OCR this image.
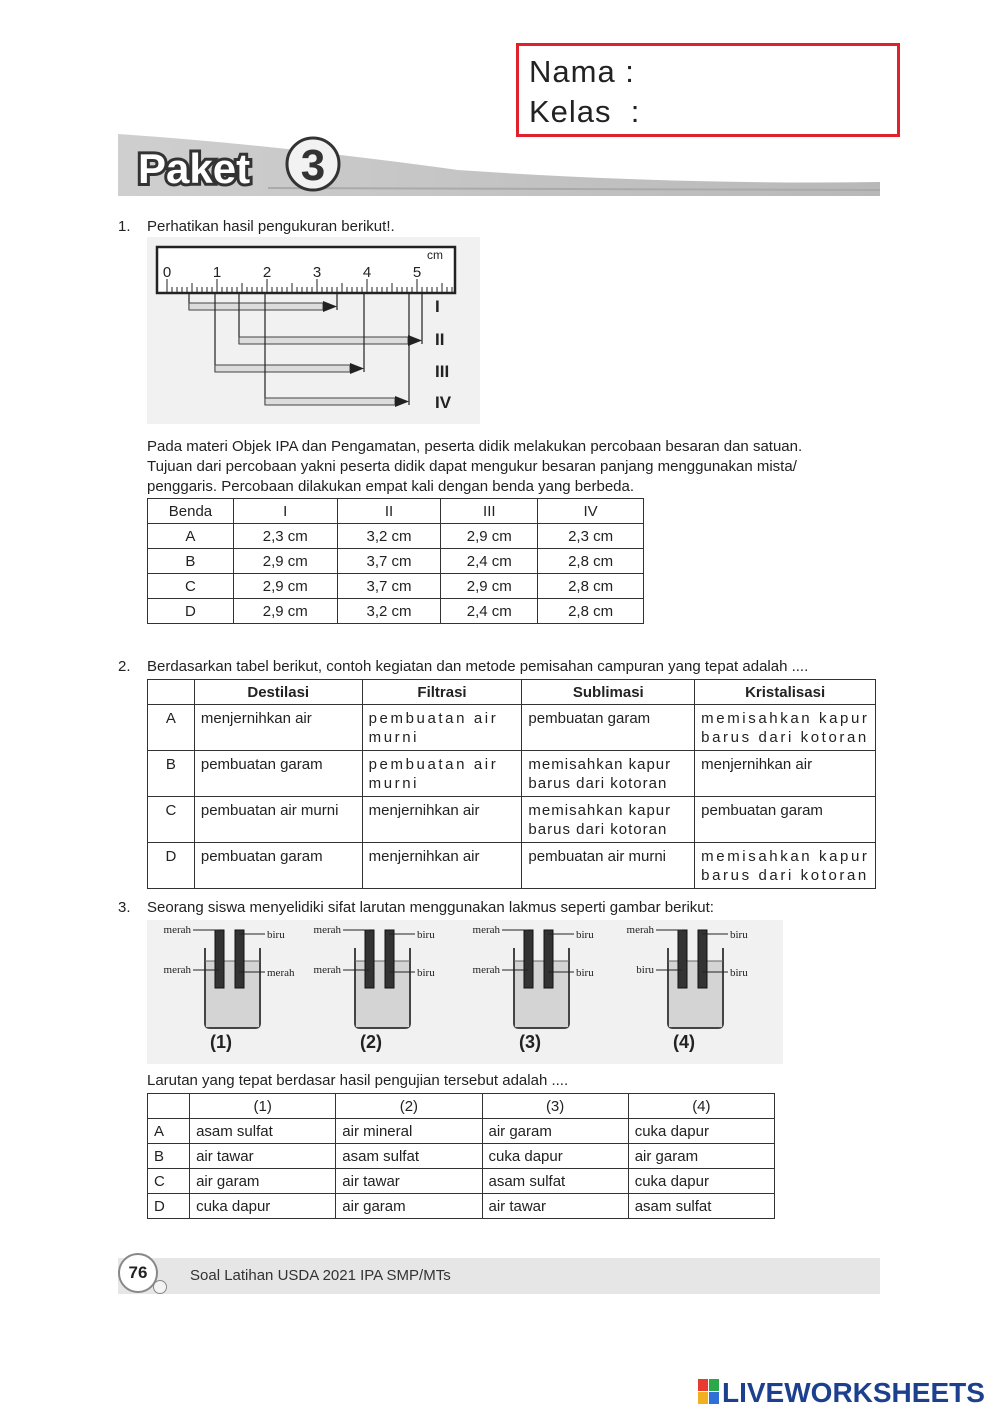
Nama :
Kelas  :
Paket 3
1. Perhatikan hasil pengukuran berikut!.
cm
0	1	2	3	4	5
I
II
III
IV
Pada materi Objek IPA dan Pengamatan, peserta didik melakukan percobaan besaran dan satuan.
Tujuan dari percobaan yakni peserta didik dapat mengukur besaran panjang menggunakan mista/
penggaris. Percobaan dilakukan empat kali dengan benda yang berbeda.
Benda	I	II	III	IV
A	2,3 cm	3,2 cm	2,9 cm	2,3 cm
B	2,9 cm	3,7 cm	2,4 cm	2,8 cm
C	2,9 cm	3,7 cm	2,9 cm	2,8 cm
D	2,9 cm	3,2 cm	2,4 cm	2,8 cm
2. Berdasarkan tabel berikut, contoh kegiatan dan metode pemisahan campuran yang tepat adalah ....
	Destilasi	Filtrasi	Sublimasi	Kristalisasi
A	menjernihkan air	pembuatan air murni	pembuatan garam	memisahkan kapur barus dari kotoran
B	pembuatan garam	pembuatan air murni	memisahkan kapur barus dari kotoran	menjernihkan air
C	pembuatan air murni	menjernihkan air	memisahkan kapur barus dari kotoran	pembuatan garam
D	pembuatan garam	menjernihkan air	pembuatan air murni	memisahkan kapur barus dari kotoran
3. Seorang siswa menyelidiki sifat larutan menggunakan lakmus seperti gambar berikut:
merah	biru
merah	merah
(1)
merah	biru
merah	biru
(2)
merah	biru
merah	biru
(3)
merah	biru
biru	biru
(4)
Larutan yang tepat berdasar hasil pengujian tersebut adalah ....
	(1)	(2)	(3)	(4)
A	asam sulfat	air mineral	air garam	cuka dapur
B	air tawar	asam sulfat	cuka dapur	air garam
C	air garam	air tawar	asam sulfat	cuka dapur
D	cuka dapur	air garam	air tawar	asam sulfat
76	Soal Latihan USDA 2021 IPA SMP/MTs
LIVEWORKSHEETS
